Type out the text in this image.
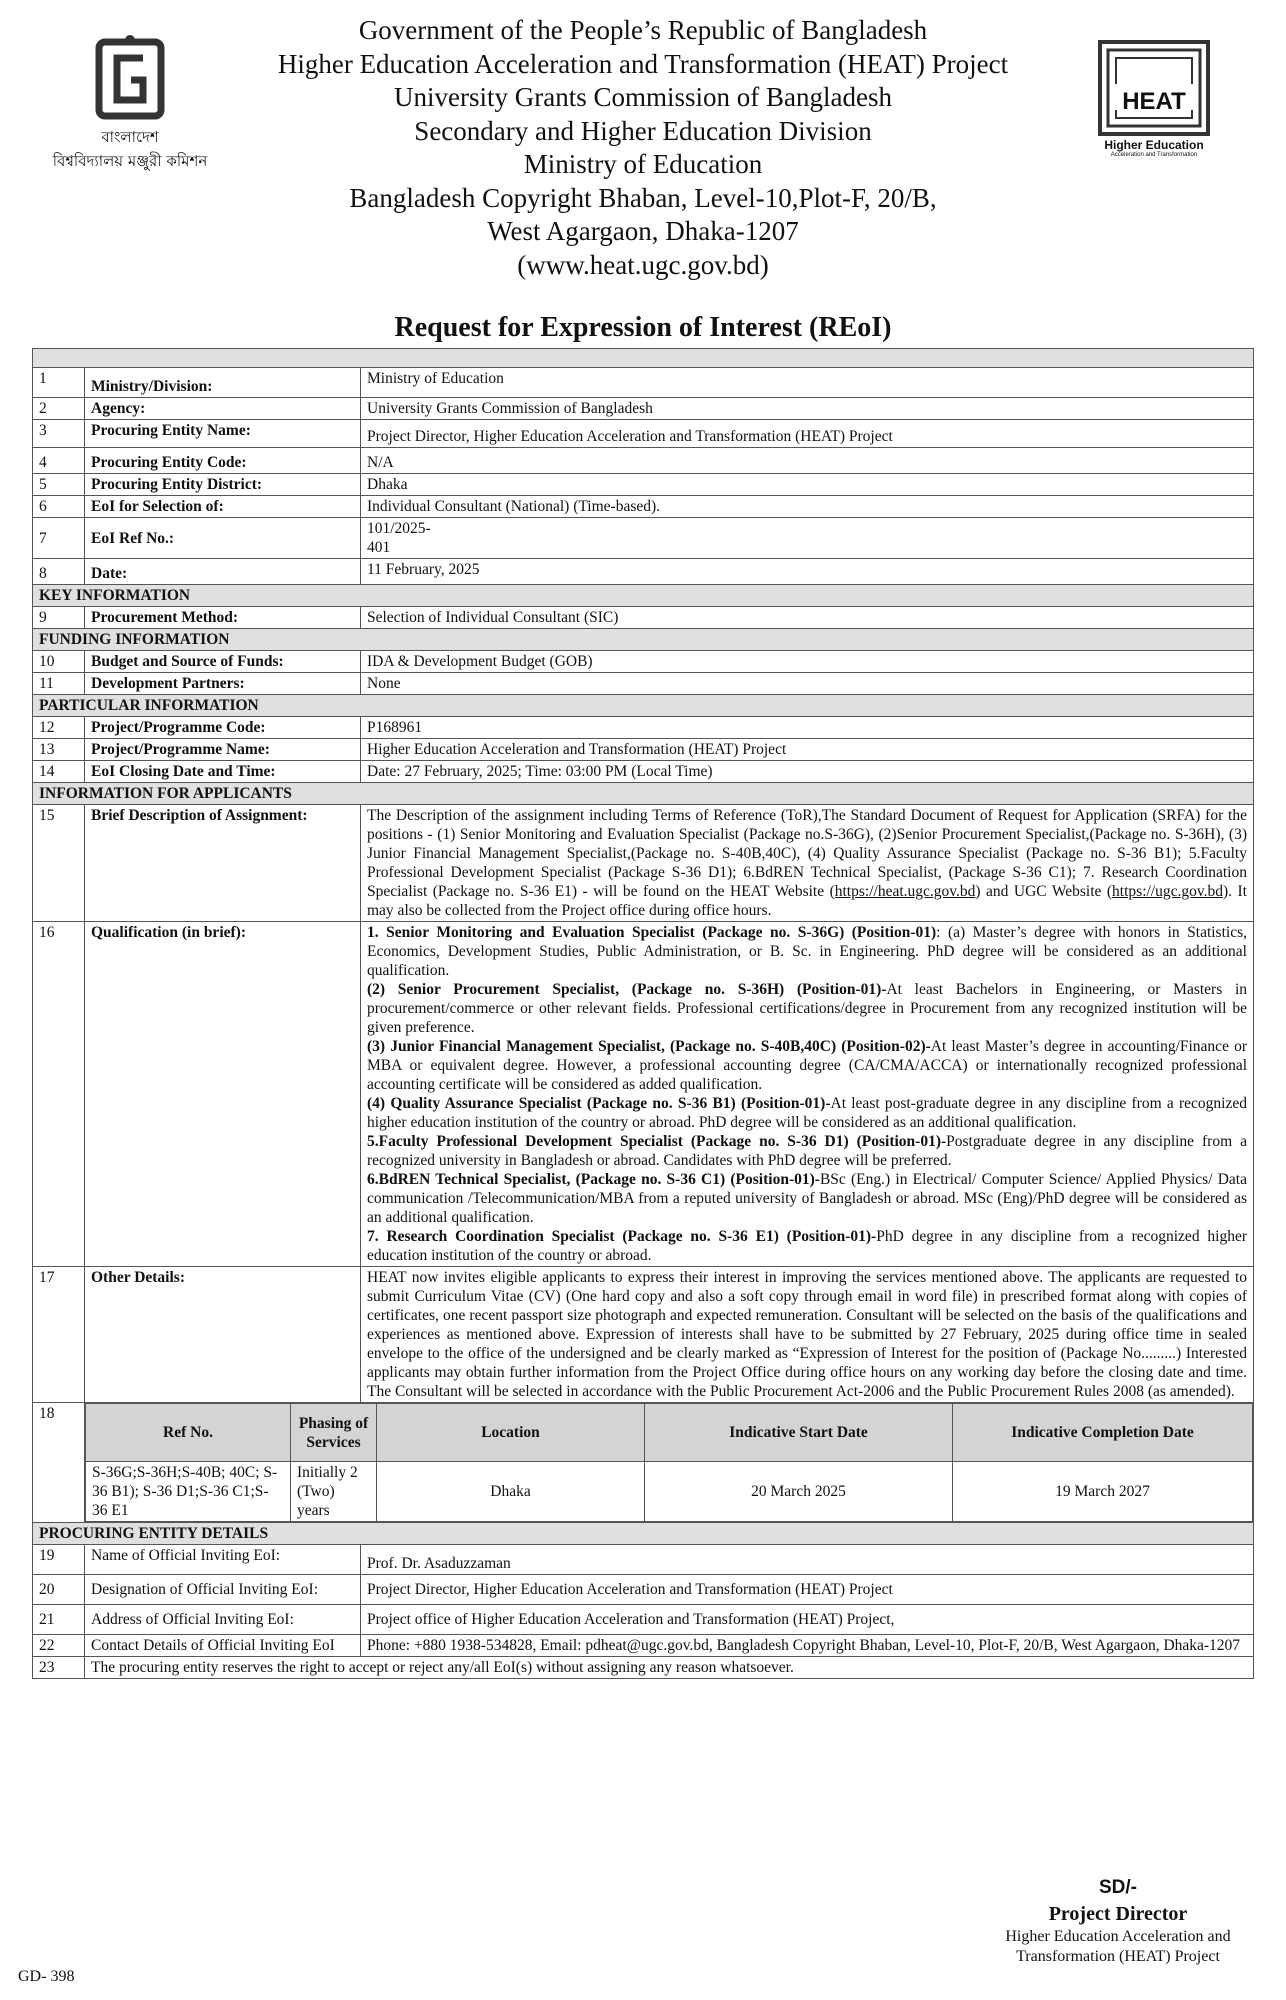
Government of the People’s Republic of Bangladesh
Higher Education Acceleration and Transformation (HEAT) Project
University Grants Commission of Bangladesh
Secondary and Higher Education Division
Ministry of Education
Bangladesh Copyright Bhaban, Level-10,Plot-F, 20/B,
West Agargaon, Dhaka-1207
(www.heat.ugc.gov.bd)
বাংলাদেশ
বিশ্ববিদ্যালয় মঞ্জুরী কমিশন
HEAT
Higher Education
Acceleration and Transformation
Request for Expression of Interest (REoI)

1	Ministry/Division:	Ministry of Education
2	Agency:	University Grants Commission of Bangladesh
3	Procuring Entity Name:	Project Director, Higher Education Acceleration and Transformation (HEAT) Project
4	Procuring Entity Code:	N/A
5	Procuring Entity District:	Dhaka
6	EoI for Selection of:	Individual Consultant (National) (Time-based).
7	EoI Ref No.:	
101/2025-
401

8	Date:	11 February, 2025
KEY INFORMATION
9	Procurement Method:	Selection of Individual Consultant (SIC)
FUNDING INFORMATION
10	Budget and Source of Funds:	IDA & Development Budget (GOB)
11	Development Partners:	None
PARTICULAR INFORMATION
12	Project/Programme Code:	P168961
13	Project/Programme Name:	Higher Education Acceleration and Transformation (HEAT) Project
14	EoI Closing Date and Time:	Date: 27 February, 2025; Time: 03:00 PM (Local Time)
INFORMATION FOR APPLICANTS
15	Brief Description of Assignment:	The Description of the assignment including Terms of Reference (ToR),The Standard Document of Request for Application (SRFA) for the positions - (1) Senior Monitoring and Evaluation Specialist (Package no.S-36G), (2)Senior Procurement Specialist,(Package no. S-36H), (3) Junior Financial Management Specialist,(Package no. S-40B,40C), (4) Quality Assurance Specialist (Package no. S-36 B1); 5.Faculty Professional Development Specialist (Package S-36 D1); 6.BdREN Technical Specialist, (Package S-36 C1); 7. Research Coordination Specialist (Package no. S-36 E1) - will be found on the HEAT Website (https://heat.ugc.gov.bd) and UGC Website (https://ugc.gov.bd). It may also be collected from the Project office during office hours.
16	Qualification (in brief):	1. Senior Monitoring and Evaluation Specialist (Package no. S-36G) (Position-01): (a) Master’s degree with honors in Statistics, Economics, Development Studies, Public Administration, or B. Sc. in Engineering. PhD degree will be considered as an additional qualification.
(2) Senior Procurement Specialist, (Package no. S-36H) (Position-01)-At least Bachelors in Engineering, or Masters in procurement/commerce or other relevant fields. Professional certifications/degree in Procurement from any recognized institution will be given preference.
(3) Junior Financial Management Specialist, (Package no. S-40B,40C) (Position-02)-At least Master’s degree in accounting/Finance or MBA or equivalent degree. However, a professional accounting degree (CA/CMA/ACCA) or internationally recognized professional accounting certificate will be considered as added qualification.
(4) Quality Assurance Specialist (Package no. S-36 B1) (Position-01)-At least post-graduate degree in any discipline from a recognized higher education institution of the country or abroad. PhD degree will be considered as an additional qualification.
5.Faculty Professional Development Specialist (Package no. S-36 D1) (Position-01)-Postgraduate degree in any discipline from a recognized university in Bangladesh or abroad. Candidates with PhD degree will be preferred.
6.BdREN Technical Specialist, (Package no. S-36 C1) (Position-01)-BSc (Eng.) in Electrical/ Computer Science/ Applied Physics/ Data communication /Telecommunication/MBA from a reputed university of Bangladesh or abroad. MSc (Eng)/PhD degree will be considered as an additional qualification.
7. Research Coordination Specialist (Package no. S-36 E1) (Position-01)-PhD degree in any discipline from a recognized higher education institution of the country or abroad.

17	Other Details:	HEAT now invites eligible applicants to express their interest in improving the services mentioned above. The applicants are requested to submit Curriculum Vitae (CV) (One hard copy and also a soft copy through email in word file) in prescribed format along with copies of certificates, one recent passport size photograph and expected remuneration. Consultant will be selected on the basis of the qualifications and experiences as mentioned above. Expression of interests shall have to be submitted by 27 February, 2025 during office time in sealed envelope to the office of the undersigned and be clearly marked as “Expression of Interest for the position of (Package No.........) Interested applicants may obtain further information from the Project Office during office hours on any working day before the closing date and time. The Consultant will be selected in accordance with the Public Procurement Act-2006 and the Public Procurement Rules 2008 (as amended).
18	
Ref No.	Phasing of Services	Location	Indicative Start Date	Indicative Completion Date
S-36G;S-36H;S-40B; 40C; S-36 B1); S-36 D1;S-36 C1;S-36 E1	Initially 2 (Two) years	Dhaka	20 March 2025	19 March 2027

PROCURING ENTITY DETAILS
19	Name of Official Inviting EoI:	Prof. Dr. Asaduzzaman
20	Designation of Official Inviting EoI:	Project Director, Higher Education Acceleration and Transformation (HEAT) Project
21	Address of Official Inviting EoI:	Project office of Higher Education Acceleration and Transformation (HEAT) Project,
22	Contact Details of Official Inviting EoI	Phone: +880 1938-534828, Email: pdheat@ugc.gov.bd, Bangladesh Copyright Bhaban, Level-10, Plot-F, 20/B, West Agargaon, Dhaka-1207
23	The procuring entity reserves the right to accept or reject any/all EoI(s) without assigning any reason whatsoever.
SD/-
Project Director
Higher Education Acceleration and
Transformation (HEAT) Project
GD- 398
